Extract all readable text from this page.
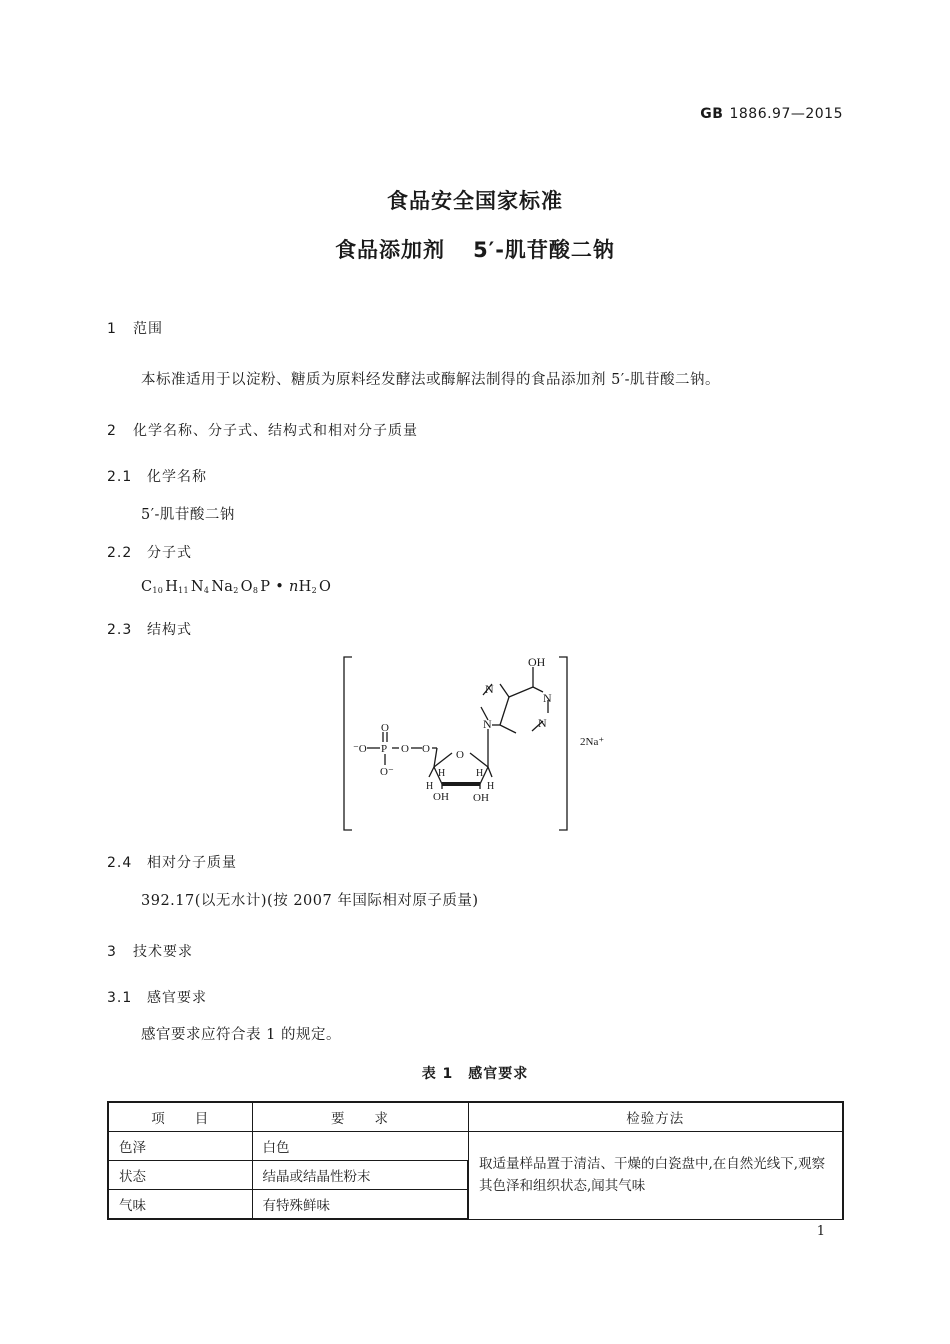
GB 1886.97—2015
食品安全国家标准
食品添加剂 5′-肌苷酸二钠
1 范围
本标准适用于以淀粉、糖质为原料经发酵法或酶解法制得的食品添加剂 5′-肌苷酸二钠。
2 化学名称、分子式、结构式和相对分子质量
2.1 化学名称
5′-肌苷酸二钠
2.2 分子式
$C_{10}$ $H_{11}$ $N_4$ $Na_2$ $O_8$ P • $nH_2$ O
2.3 结构式
OH
N
N
N
N
O
⁻O P O
O⁻
O O
H	H
H	H
OH OH
2Na⁺
2.4 相对分子质量
392.17(以无水计)(按 2007 年国际相对原子质量)
3 技术要求
3.1 感官要求
感官要求应符合表 1 的规定。
表 1　感官要求
项　　目	要　　求	检验方法
色泽	白色	取适量样品置于清洁、干燥的白瓷盘中,在自然光线下,观察其色泽和组织状态,闻其气味
状态	结晶或结晶性粉末	
气味	有特殊鲜味	
1
